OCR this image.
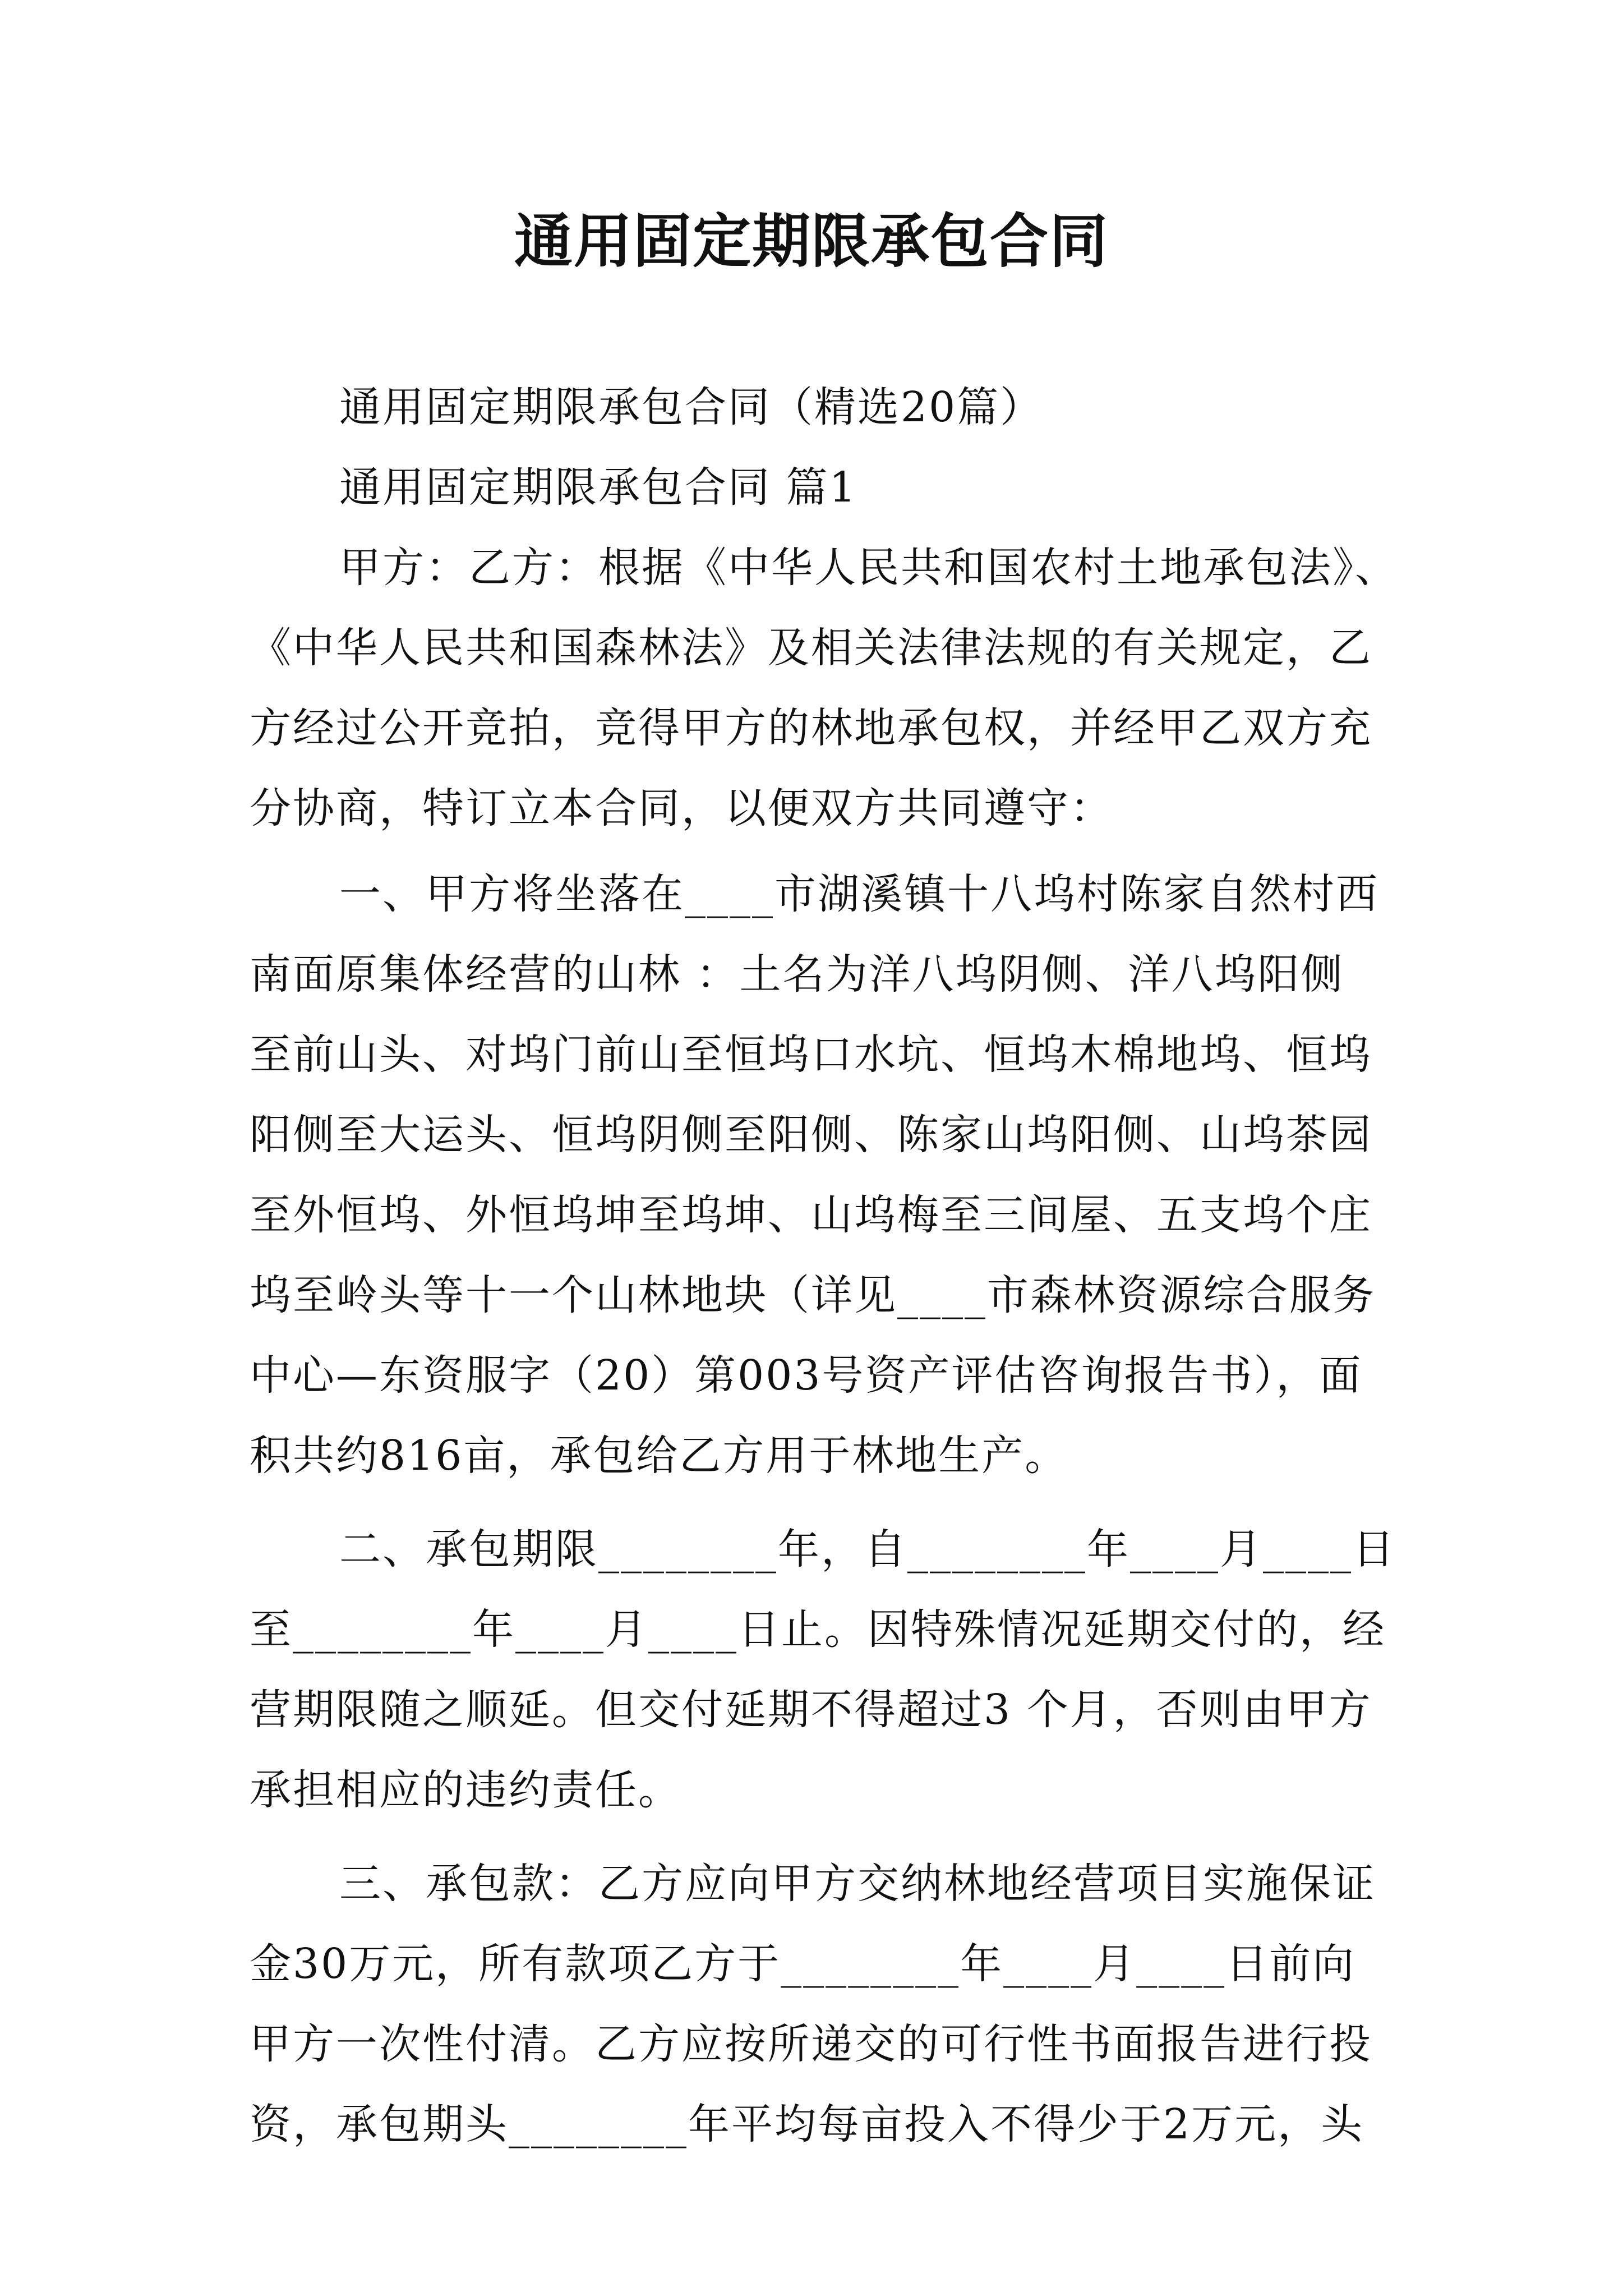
通用固定期限承包合同
通用固定期限承包合同（精选20篇）
通用固定期限承包合同 篇1
甲方：乙方：根据《中华人民共和国农村土地承包法》、
《中华人民共和国森林法》及相关法律法规的有关规定，乙
方经过公开竞拍，竞得甲方的林地承包权，并经甲乙双方充
分协商，特订立本合同，以便双方共同遵守：
一、甲方将坐落在____市湖溪镇十八坞村陈家自然村西
南面原集体经营的山林 ：土名为洋八坞阴侧、洋八坞阳侧
至前山头、对坞门前山至恒坞口水坑、恒坞木棉地坞、恒坞
阳侧至大运头、恒坞阴侧至阳侧、陈家山坞阳侧、山坞茶园
至外恒坞、外恒坞坤至坞坤、山坞梅至三间屋、五支坞个庄
坞至岭头等十一个山林地块（详见____市森林资源综合服务
中心—东资服字（20）第003号资产评估咨询报告书），面
积共约816亩，承包给乙方用于林地生产。
二、承包期限________年，自________年____月____日
至________年____月____日止。因特殊情况延期交付的，经
营期限随之顺延。但交付延期不得超过3 个月，否则由甲方
承担相应的违约责任。
三、承包款：乙方应向甲方交纳林地经营项目实施保证
金30万元，所有款项乙方于________年____月____日前向
甲方一次性付清。乙方应按所递交的可行性书面报告进行投
资，承包期头________年平均每亩投入不得少于2万元，头
